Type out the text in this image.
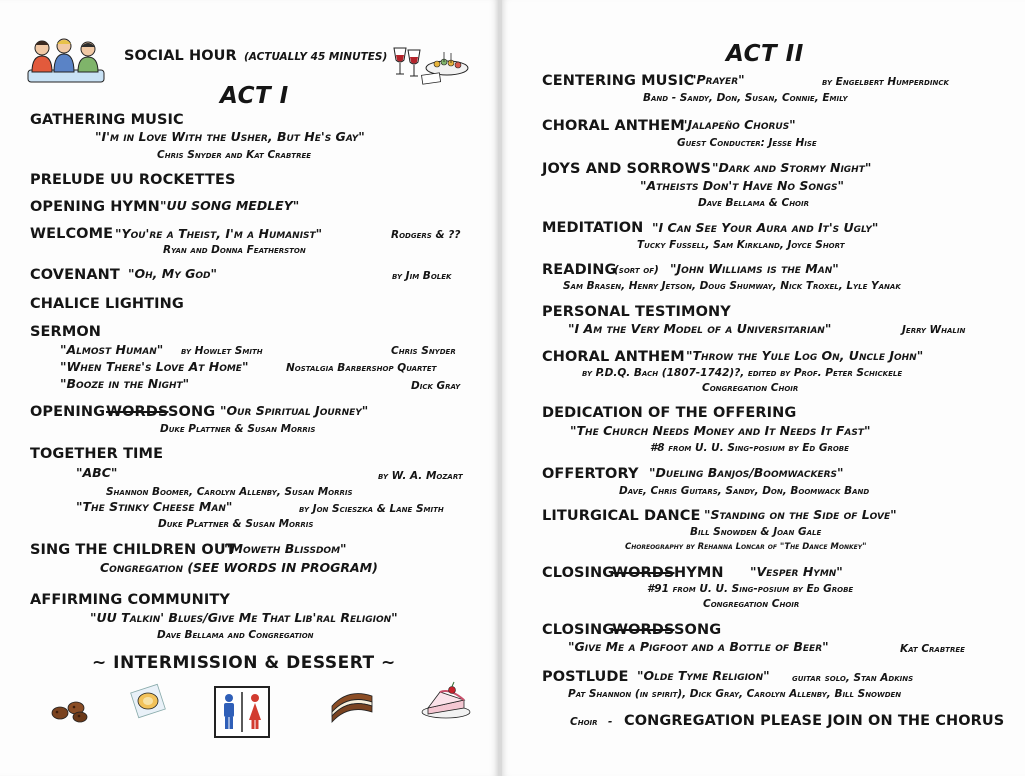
SOCIAL HOUR (ACTUALLY 45 MINUTES)
ACT I
GATHERING MUSIC
"I'm in Love With the Usher, But He's Gay"
Chris Snyder and Kat Crabtree
PRELUDE UU ROCKETTES
OPENING HYMN "UU SONG MEDLEY"
WELCOME "You're a Theist, I'm a Humanist"	Rodgers & ??
Ryan and Donna Featherston
COVENANT "Oh, My God"	by Jim Bolek
CHALICE LIGHTING
SERMON
"Almost Human" by Howlet Smith	Chris Snyder
"When There's Love At Home"	Nostalgia Barbershop Quartet
"Booze in the Night"	Dick Gray
OPENING WORDS SONG "Our Spiritual Journey"
Duke Plattner & Susan Morris
TOGETHER TIME
"ABC"	by W. A. Mozart
Shannon Boomer, Carolyn Allenby, Susan Morris
"The Stinky Cheese Man"	by Jon Scieszka & Lane Smith
Duke Plattner & Susan Morris
SING THE CHILDREN OUT
"Moweth Blissdom"
Congregation (SEE WORDS IN PROGRAM)
AFFIRMING COMMUNITY
"UU Talkin' Blues/Give Me That Lib'ral Religion"
Dave Bellama and Congregation
~ INTERMISSION & DESSERT ~
ACT II
CENTERING MUSIC
"Prayer"	by Engelbert Humperdinck
Band - Sandy, Don, Susan, Connie, Emily
CHORAL ANTHEM
"Jalapeño Chorus"
Guest Conducter: Jesse Hise
JOYS AND SORROWS "Dark and Stormy Night"
"Atheists Don't Have No Songs"
Dave Bellama & Choir
MEDITATION "I Can See Your Aura and It's Ugly"
Tucky Fussell, Sam Kirkland, Joyce Short
READING
(sort of) "John Williams is the Man"
Sam Brasen, Henry Jetson, Doug Shumway, Nick Troxel, Lyle Yanak
PERSONAL TESTIMONY
"I Am the Very Model of a Universitarian"	Jerry Whalin
CHORAL ANTHEM "Throw the Yule Log On, Uncle John"
by P.D.Q. Bach (1807-1742)?, edited by Prof. Peter Schickele
Congregation Choir
DEDICATION OF THE OFFERING
"The Church Needs Money and It Needs It Fast"
#8 from U. U. Sing-posium by Ed Grobe
OFFERTORY "Dueling Banjos/Boomwackers"
Dave, Chris Guitars, Sandy, Don, Boomwack Band
LITURGICAL DANCE "Standing on the Side of Love"
Bill Snowden & Joan Gale
Choreography by Rehanna Loncar of "The Dance Monkey"
CLOSING
WORDS HYMN "Vesper Hymn"
#91 from U. U. Sing-posium by Ed Grobe
Congregation Choir
CLOSING
WORDS SONG
"Give Me a Pigfoot and a Bottle of Beer"	Kat Crabtree
POSTLUDE "Olde Tyme Religion" guitar solo, Stan Adkins
Pat Shannon (in spirit), Dick Gray, Carolyn Allenby, Bill Snowden
Choir - CONGREGATION PLEASE JOIN ON THE CHORUS
